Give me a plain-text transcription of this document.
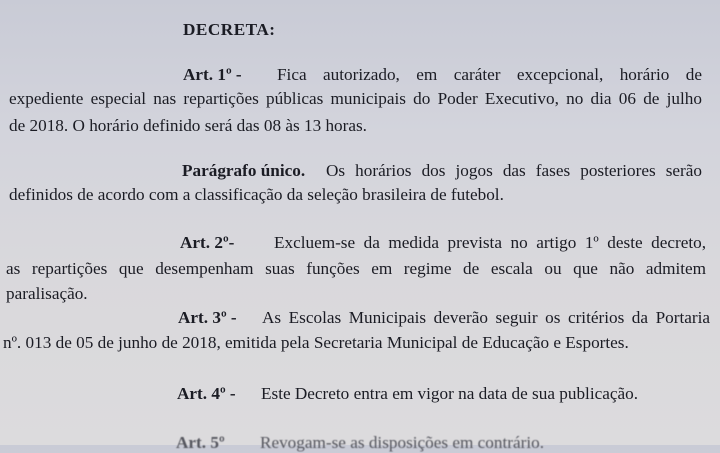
DECRETA:
Art. 1º - Fica autorizado, em caráter excepcional, horário de
expediente especial nas repartições públicas municipais do Poder Executivo, no dia 06 de julho
de 2018. O horário definido será das 08 às 13 horas.
Parágrafo único. Os horários dos jogos das fases posteriores serão
definidos de acordo com a classificação da seleção brasileira de futebol.
Art. 2º- Excluem-se da medida prevista no artigo 1º deste decreto,
as repartições que desempenham suas funções em regime de escala ou que não admitem
paralisação.
Art. 3º - As Escolas Municipais deverão seguir os critérios da Portaria
nº. 013 de 05 de junho de 2018, emitida pela Secretaria Municipal de Educação e Esportes.
Art. 4º - Este Decreto entra em vigor na data de sua publicação.
Art. 5º Revogam-se as disposições em contrário.
